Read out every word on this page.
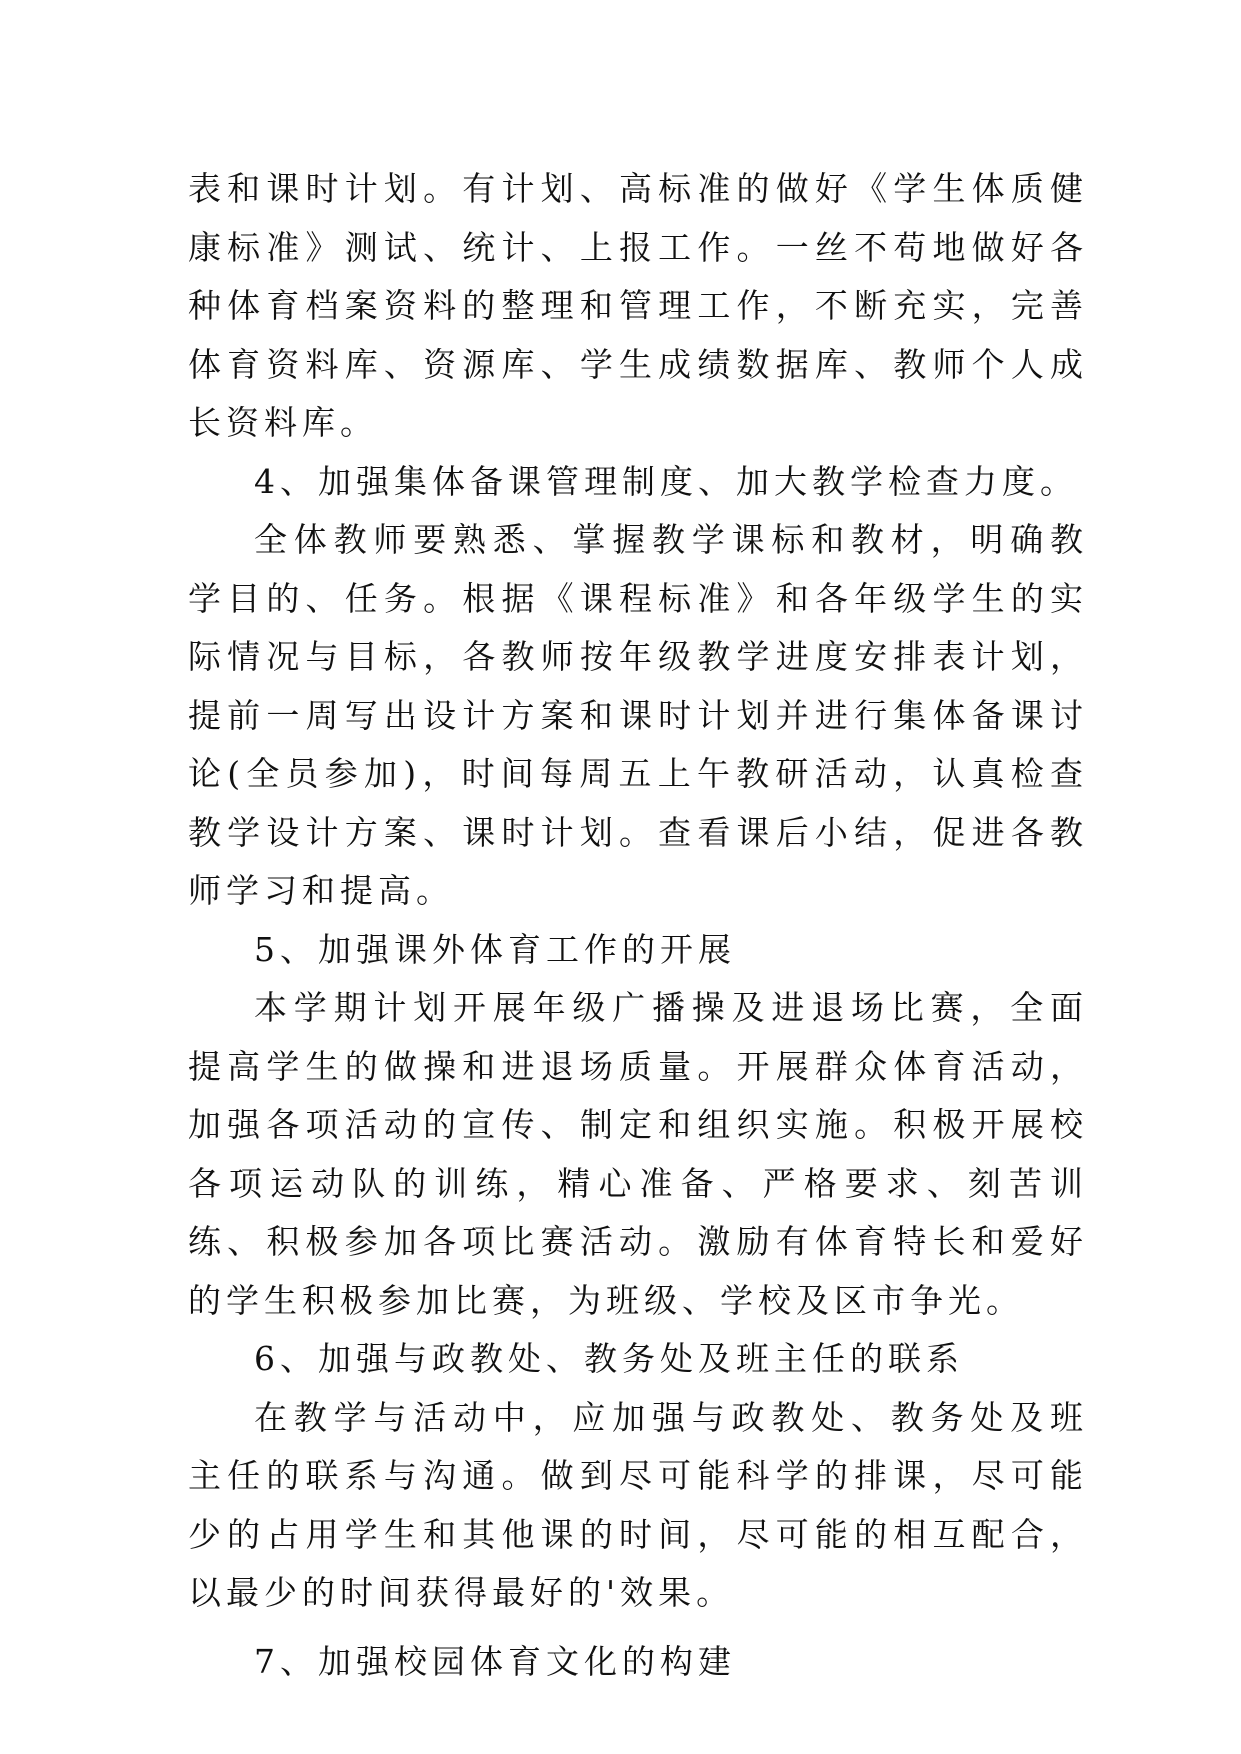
表和课时计划。有计划、高标准的做好《学生体质健康标准》测试、统计、上报工作。一丝不苟地做好各种体育档案资料的整理和管理工作，不断充实，完善体育资料库、资源库、学生成绩数据库、教师个人成长资料库。

4、加强集体备课管理制度、加大教学检查力度。

全体教师要熟悉、掌握教学课标和教材，明确教学目的、任务。根据《课程标准》和各年级学生的实际情况与目标，各教师按年级教学进度安排表计划，提前一周写出设计方案和课时计划并进行集体备课讨论(全员参加)，时间每周五上午教研活动，认真检查教学设计方案、课时计划。查看课后小结，促进各教师学习和提高。

5、加强课外体育工作的开展

本学期计划开展年级广播操及进退场比赛，全面提高学生的做操和进退场质量。开展群众体育活动，加强各项活动的宣传、制定和组织实施。积极开展校各项运动队的训练，精心准备、严格要求、刻苦训练、积极参加各项比赛活动。激励有体育特长和爱好的学生积极参加比赛，为班级、学校及区市争光。

6、加强与政教处、教务处及班主任的联系

在教学与活动中，应加强与政教处、教务处及班主任的联系与沟通。做到尽可能科学的排课，尽可能少的占用学生和其他课的时间，尽可能的相互配合，以最少的时间获得最好的'效果。

7、加强校园体育文化的构建
